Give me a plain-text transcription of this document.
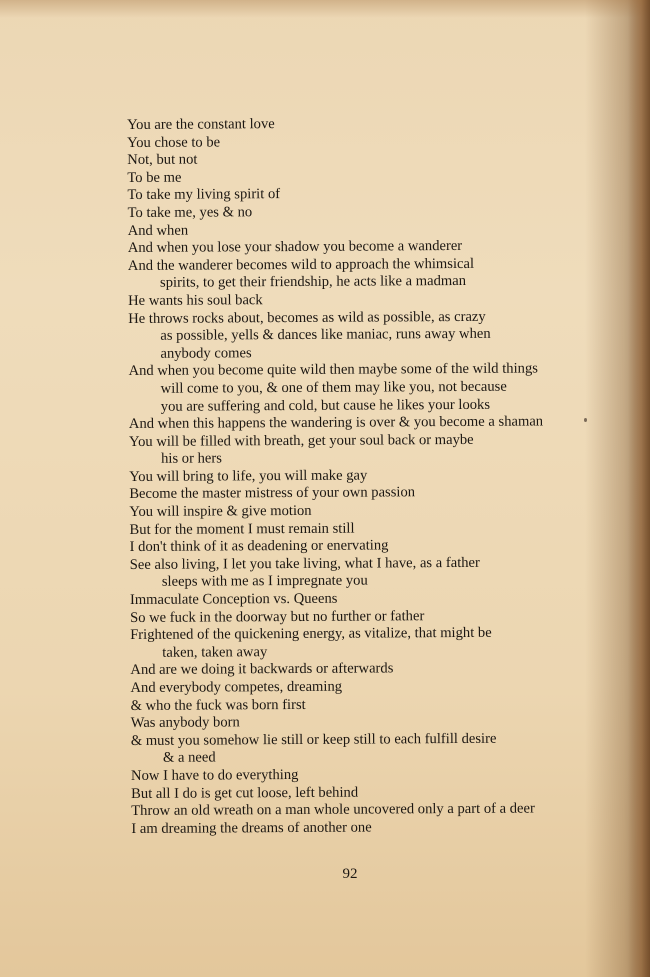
You are the constant love
You chose to be
Not, but not
To be me
To take my living spirit of
To take me, yes & no
And when
And when you lose your shadow you become a wanderer
And the wanderer becomes wild to approach the whimsical
spirits, to get their friendship, he acts like a madman
He wants his soul back
He throws rocks about, becomes as wild as possible, as crazy
as possible, yells & dances like maniac, runs away when
anybody comes
And when you become quite wild then maybe some of the wild things
will come to you, & one of them may like you, not because
you are suffering and cold, but cause he likes your looks
And when this happens the wandering is over & you become a shaman
You will be filled with breath, get your soul back or maybe
his or hers
You will bring to life, you will make gay
Become the master mistress of your own passion
You will inspire & give motion
But for the moment I must remain still
I don't think of it as deadening or enervating
See also living, I let you take living, what I have, as a father
sleeps with me as I impregnate you
Immaculate Conception vs. Queens
So we fuck in the doorway but no further or father
Frightened of the quickening energy, as vitalize, that might be
taken, taken away
And are we doing it backwards or afterwards
And everybody competes, dreaming
& who the fuck was born first
Was anybody born
& must you somehow lie still or keep still to each fulfill desire
& a need
Now I have to do everything
But all I do is get cut loose, left behind
Throw an old wreath on a man whole uncovered only a part of a deer
I am dreaming the dreams of another one
92
